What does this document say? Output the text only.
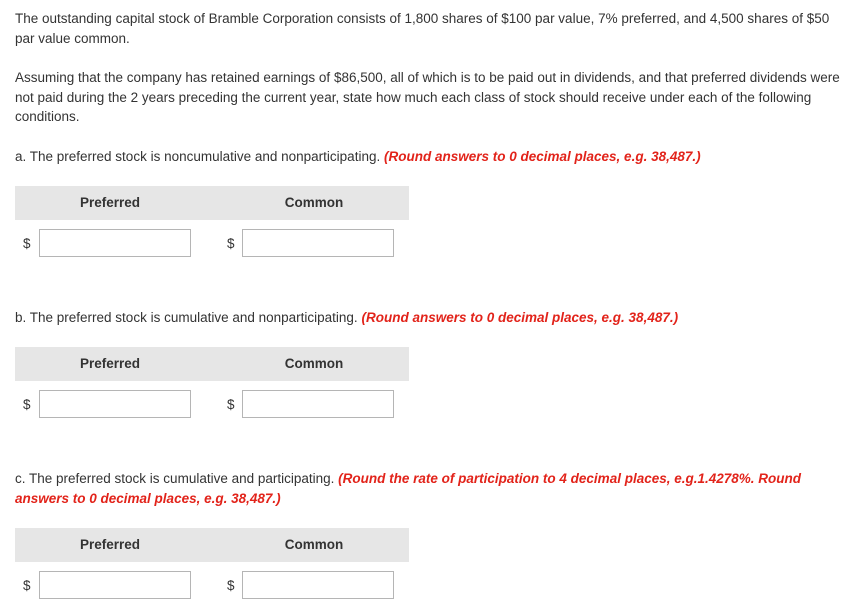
The outstanding capital stock of Bramble Corporation consists of 1,800 shares of $100 par value, 7% preferred, and 4,500 shares of $50 par value common.

Assuming that the company has retained earnings of $86,500, all of which is to be paid out in dividends, and that preferred dividends were not paid during the 2 years preceding the current year, state how much each class of stock should receive under each of the following conditions.

a. The preferred stock is noncumulative and nonparticipating. (Round answers to 0 decimal places, e.g. 38,487.)

Preferred	Common
$	$

b. The preferred stock is cumulative and nonparticipating. (Round answers to 0 decimal places, e.g. 38,487.)

Preferred	Common
$	$

c. The preferred stock is cumulative and participating. (Round the rate of participation to 4 decimal places, e.g.1.4278%. Round answers to 0 decimal places, e.g. 38,487.)

Preferred	Common
$	$
